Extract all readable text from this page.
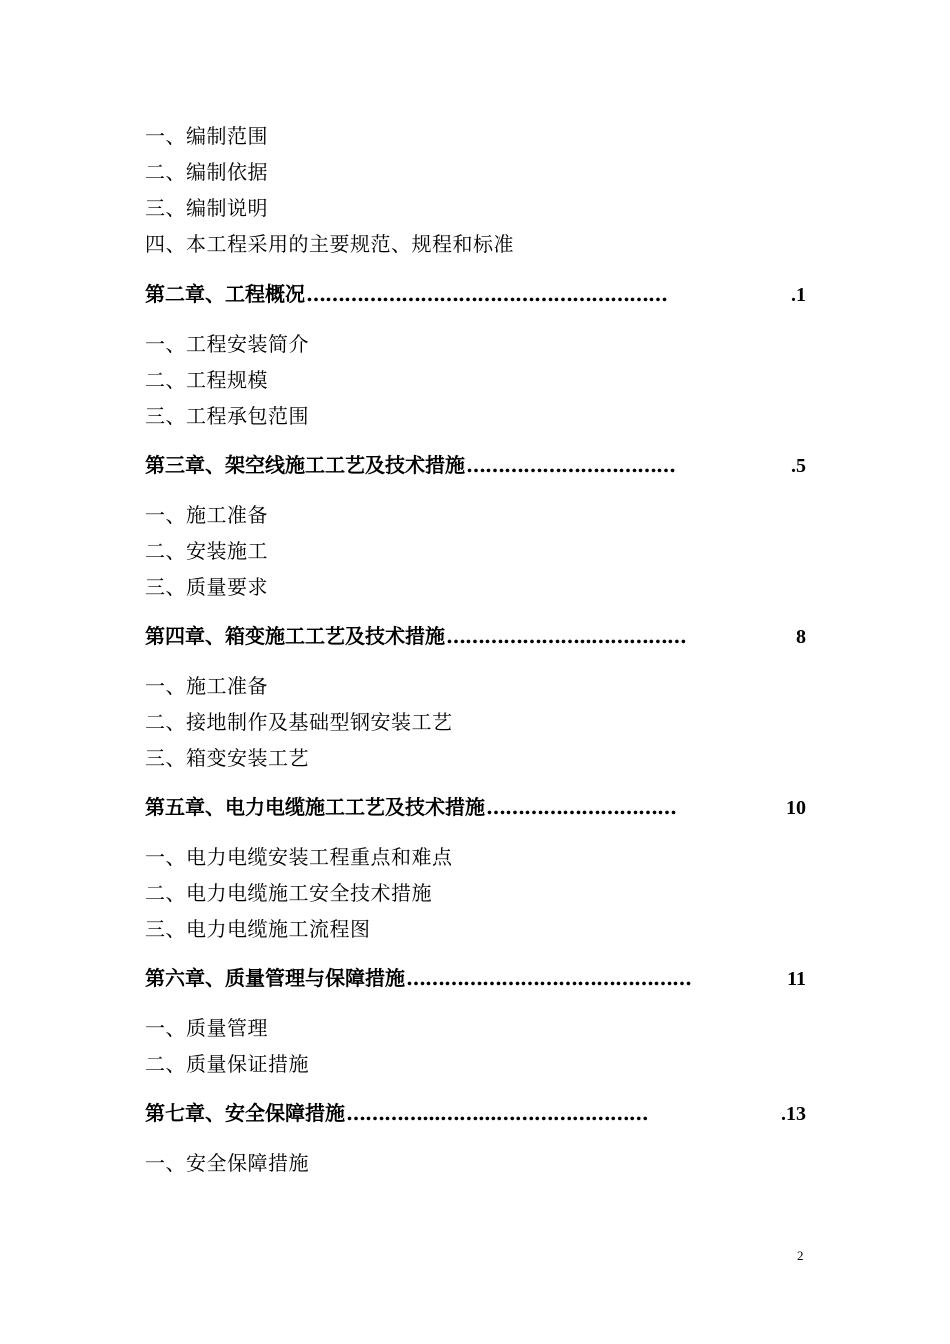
一、编制范围
二、编制依据
三、编制说明
四、本工程采用的主要规范、规程和标准
第二章、工程概况 …………………………………………………	.1
一、工程安装简介
二、工程规模
三、工程承包范围
第三章、架空线施工工艺及技术措施 ……………………………	.5
一、施工准备
二、安装施工
三、质量要求
第四章、箱变施工工艺及技术措施 …………………..……………	8
一、施工准备
二、接地制作及基础型钢安装工艺
三、箱变安装工艺
第五章、电力电缆施工工艺及技术措施 …………………………	10
一、电力电缆安装工程重点和难点
二、电力电缆施工安全技术措施
三、电力电缆施工流程图
第六章、质量管理与保障措施 ………………………………………	11
一、质量管理
二、质量保证措施
第七章、安全保障措施 …………...……...……………………	.13
一、安全保障措施
2
